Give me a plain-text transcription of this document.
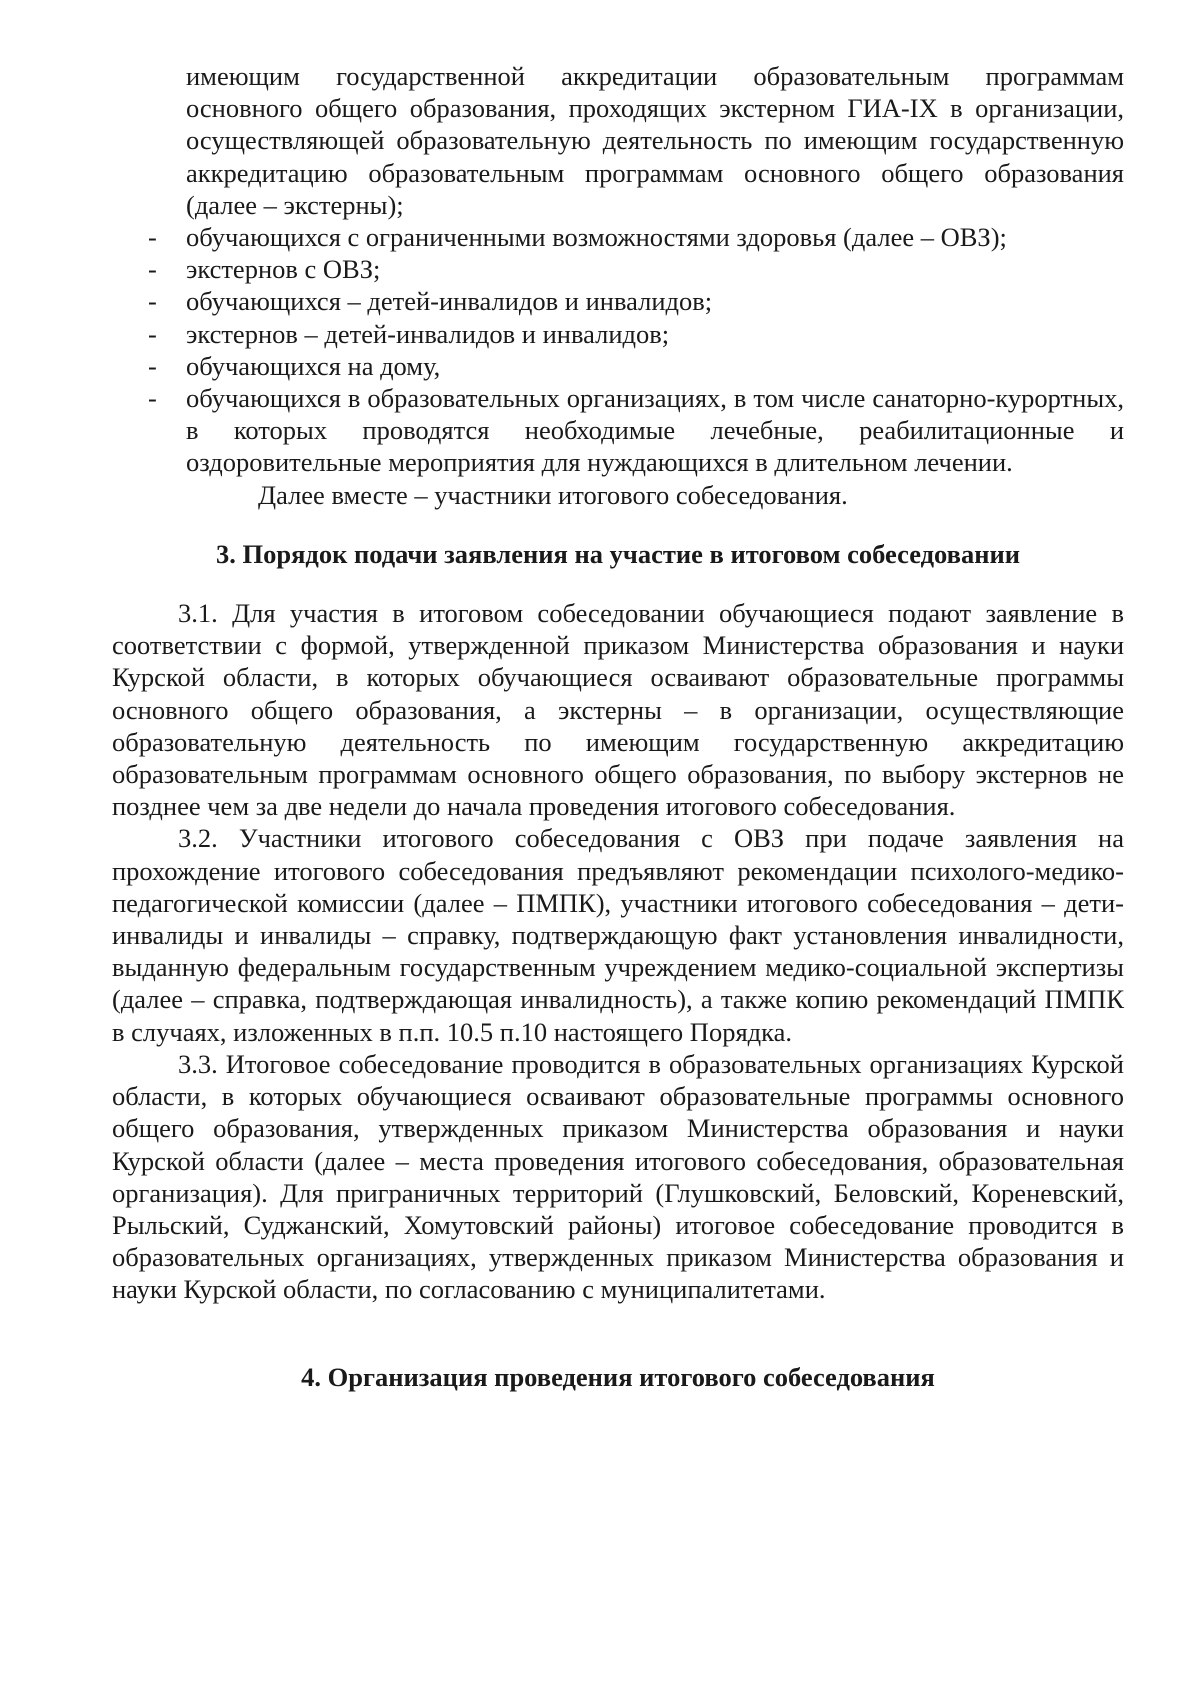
имеющим государственной аккредитации образовательным программам основного общего образования, проходящих экстерном ГИА-IX в организации, осуществляющей образовательную деятельность по имеющим государственную аккредитацию образовательным программам основного общего образования (далее – экстерны);

- обучающихся с ограниченными возможностями здоровья (далее – ОВЗ);
- экстернов с ОВЗ;
- обучающихся – детей-инвалидов и инвалидов;
- экстернов – детей-инвалидов и инвалидов;
- обучающихся на дому,
- обучающихся в образовательных организациях, в том числе санаторно-курортных, в которых проводятся необходимые лечебные, реабилитационные и оздоровительные мероприятия для нуждающихся в длительном лечении.

Далее вместе – участники итогового собеседования.

3. Порядок подачи заявления на участие в итоговом собеседовании

3.1. Для участия в итоговом собеседовании обучающиеся подают заявление в соответствии с формой, утвержденной приказом Министерства образования и науки Курской области, в которых обучающиеся осваивают образовательные программы основного общего образования, а экстерны – в организации, осуществляющие образовательную деятельность по имеющим государственную аккредитацию образовательным программам основного общего образования, по выбору экстернов не позднее чем за две недели до начала проведения итогового собеседования.

3.2. Участники итогового собеседования с ОВЗ при подаче заявления на прохождение итогового собеседования предъявляют рекомендации психолого-медико-педагогической комиссии (далее – ПМПК), участники итогового собеседования – дети-инвалиды и инвалиды – справку, подтверждающую факт установления инвалидности, выданную федеральным государственным учреждением медико-социальной экспертизы (далее – справка, подтверждающая инвалидность), а также копию рекомендаций ПМПК в случаях, изложенных в п.п. 10.5 п.10 настоящего Порядка.

3.3. Итоговое собеседование проводится в образовательных организациях Курской области, в которых обучающиеся осваивают образовательные программы основного общего образования, утвержденных приказом Министерства образования и науки Курской области (далее – места проведения итогового собеседования, образовательная организация). Для приграничных территорий (Глушковский, Беловский, Кореневский, Рыльский, Суджанский, Хомутовский районы) итоговое собеседование проводится в образовательных организациях, утвержденных приказом Министерства образования и науки Курской области, по согласованию с муниципалитетами.

4. Организация проведения итогового собеседования
